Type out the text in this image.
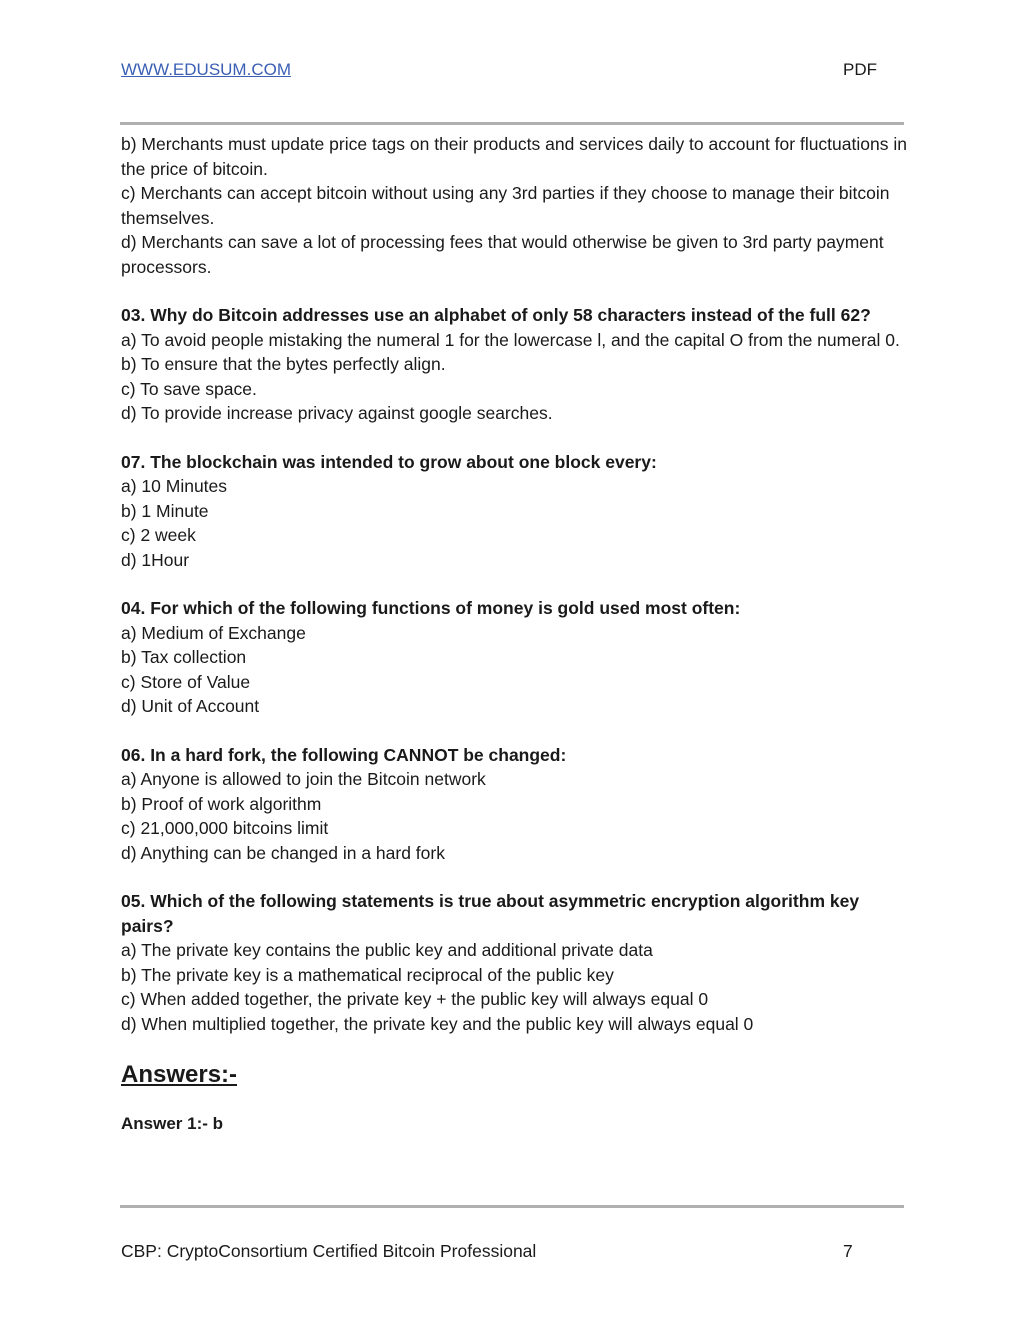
WWW.EDUSUM.COM	PDF
b) Merchants must update price tags on their products and services daily to account for fluctuations in the price of bitcoin.
c) Merchants can accept bitcoin without using any 3rd parties if they choose to manage their bitcoin themselves.
d) Merchants can save a lot of processing fees that would otherwise be given to 3rd party payment processors.
03. Why do Bitcoin addresses use an alphabet of only 58 characters instead of the full 62?
a) To avoid people mistaking the numeral 1 for the lowercase l, and the capital O from the numeral 0.
b) To ensure that the bytes perfectly align.
c) To save space.
d) To provide increase privacy against google searches.
07. The blockchain was intended to grow about one block every:
a) 10 Minutes
b) 1 Minute
c) 2 week
d) 1Hour
04. For which of the following functions of money is gold used most often:
a) Medium of Exchange
b) Tax collection
c) Store of Value
d) Unit of Account
06. In a hard fork, the following CANNOT be changed:
a) Anyone is allowed to join the Bitcoin network
b) Proof of work algorithm
c) 21,000,000 bitcoins limit
d) Anything can be changed in a hard fork
05. Which of the following statements is true about asymmetric encryption algorithm key pairs?
a) The private key contains the public key and additional private data
b) The private key is a mathematical reciprocal of the public key
c) When added together, the private key + the public key will always equal 0
d) When multiplied together, the private key and the public key will always equal 0
Answers:-
Answer 1:- b
CBP: CryptoConsortium Certified Bitcoin Professional	7
